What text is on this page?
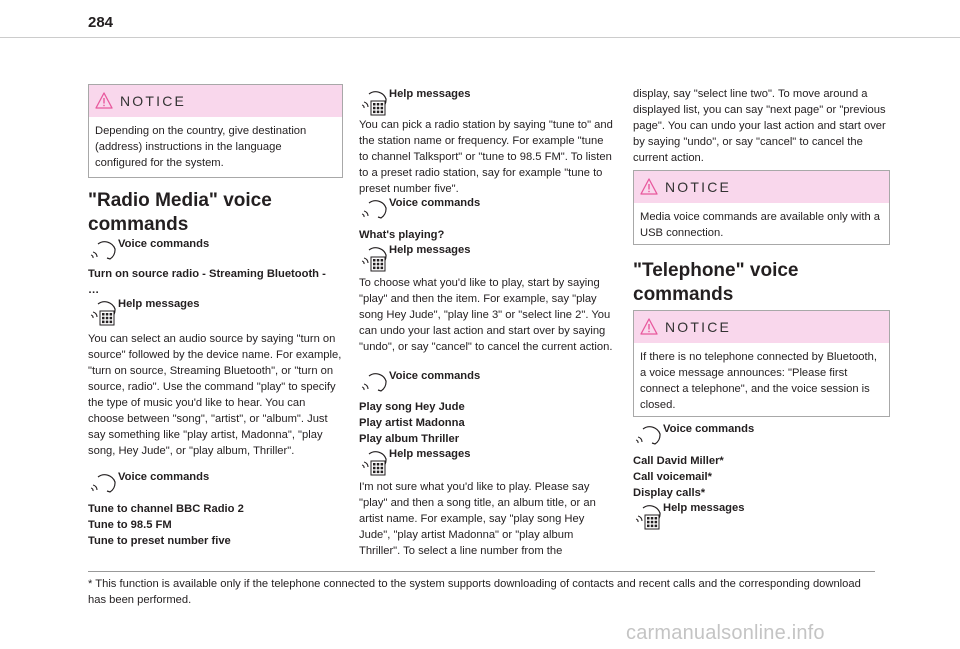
284
NOTICE
Depending on the country, give destination (address) instructions in the language configured for the system.
"Radio Media" voice commands
Voice commands
Turn on source radio - Streaming Bluetooth - …
Help messages
You can select an audio source by saying "turn on source" followed by the device name. For example, "turn on source, Streaming Bluetooth", or "turn on source, radio". Use the command "play" to specify the type of music you'd like to hear. You can choose between "song", "artist", or "album". Just say something like "play artist, Madonna", "play song, Hey Jude", or "play album, Thriller".
Voice commands
Tune to channel BBC Radio 2
Tune to 98.5 FM
Tune to preset number five
Help messages
You can pick a radio station by saying "tune to" and the station name or frequency. For example "tune to channel Talksport" or "tune to 98.5 FM". To listen to a preset radio station, say for example "tune to preset number five".
Voice commands
What's playing?
Help messages
To choose what you'd like to play, start by saying "play" and then the item. For example, say "play song Hey Jude", "play line 3" or "select line 2". You can undo your last action and start over by saying "undo", or say "cancel" to cancel the current action.
Voice commands
Play song Hey Jude
Play artist Madonna
Play album Thriller
Help messages
I'm not sure what you'd like to play. Please say "play" and then a song title, an album title, or an artist name. For example, say "play song Hey Jude", "play artist Madonna" or "play album Thriller". To select a line number from the
display, say "select line two". To move around a displayed list, you can say "next page" or "previous page". You can undo your last action and start over by saying "undo", or say "cancel" to cancel the current action.
NOTICE
Media voice commands are available only with a USB connection.
"Telephone" voice commands
NOTICE
If there is no telephone connected by Bluetooth, a voice message announces: "Please first connect a telephone", and the voice session is closed.
Voice commands
Call David Miller*
Call voicemail*
Display calls*
Help messages
* This function is available only if the telephone connected to the system supports downloading of contacts and recent calls and the corresponding download has been performed.
carmanualsonline.info
